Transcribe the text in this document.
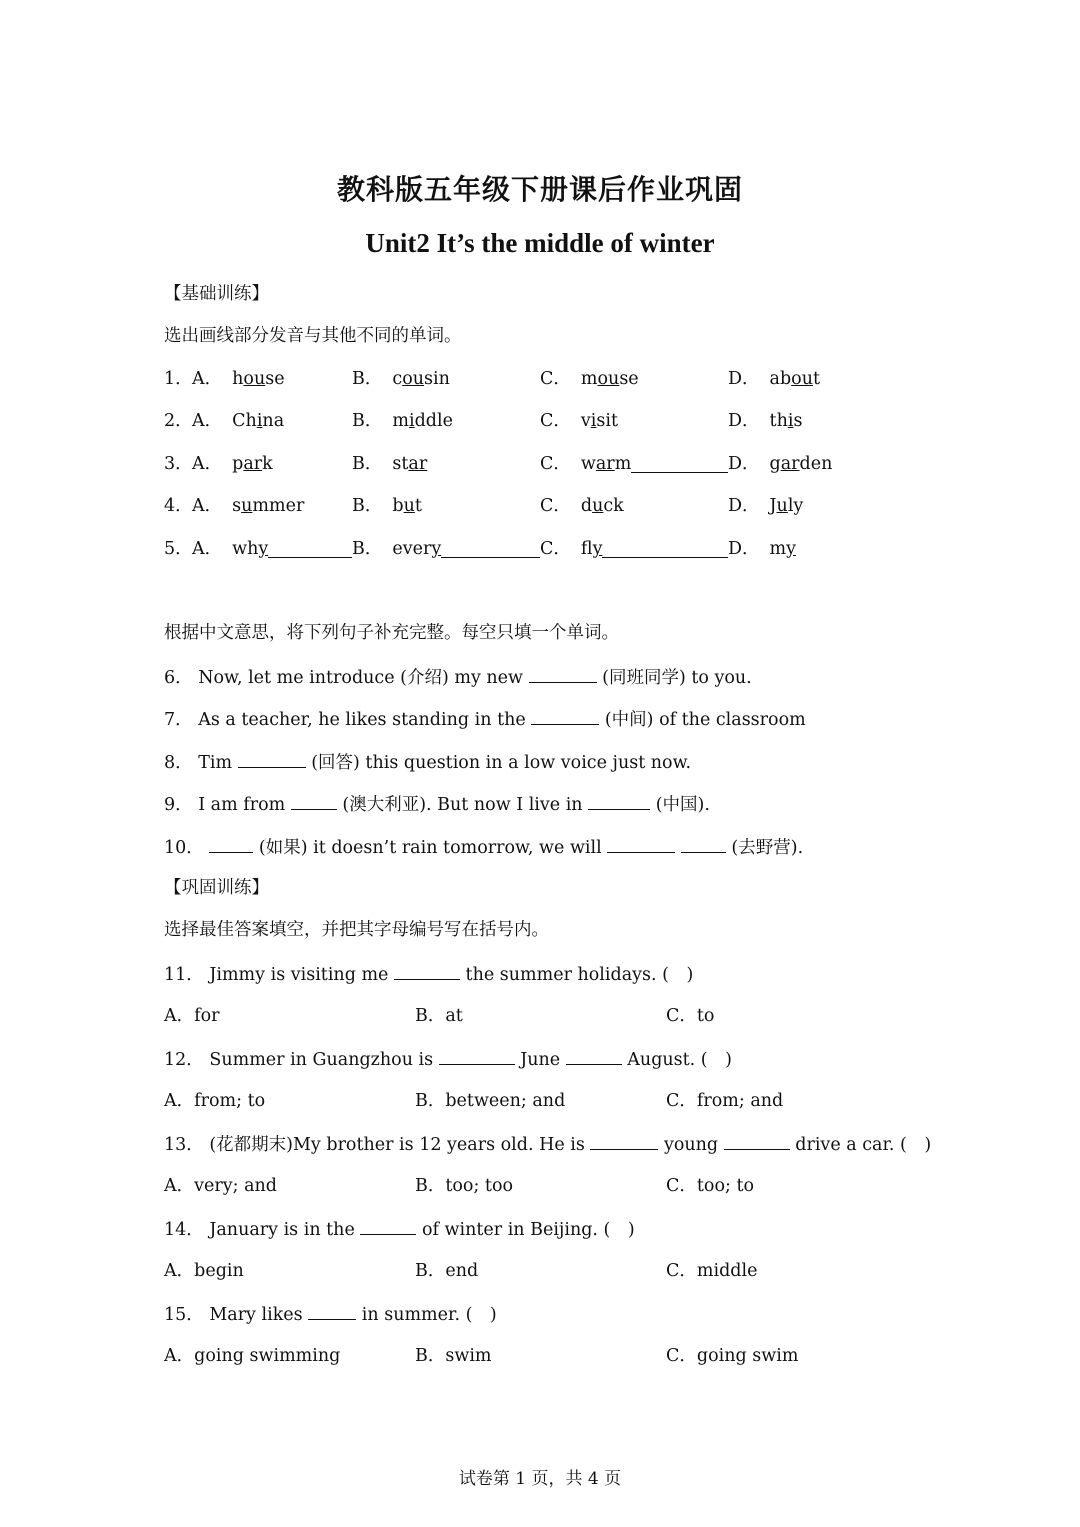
教科版五年级下册课后作业巩固
Unit2 It’s the middle of winter
【基础训练】
选出画线部分发音与其他不同的单词。
1． A． house	B． cousin	C． mouse	D． about
2． A． China	B． middle	C． visit	D． this
3． A． park	B． star	C． warm	D． garden
4． A． summer	B． but	C． duck	D． July
5． A． why	B． every	C． fly	D． my
根据中文意思，将下列句子补充完整。每空只填一个单词。
6． Now, let me introduce (介绍) my new	(同班同学) to you.
7． As a teacher, he likes standing in the	(中间) of the classroom
8． Tim	(回答) this question in a low voice just now.
9． I am from	(澳大利亚). But now I live in	(中国).
10．	(如果) it doesn’t rain tomorrow, we will	(去野营).
【巩固训练】
选择最佳答案填空，并把其字母编号写在括号内。
11． Jimmy is visiting me	the summer holidays. (　)
A．for	B．at	C．to
12． Summer in Guangzhou is	June	August. (　)
A．from; to	B．between; and	C．from; and
13． (花都期末)My brother is 12 years old. He is	young	drive a car. (　)
A．very; and	B．too; too	C．too; to
14． January is in the	of winter in Beijing. (　)
A．begin	B．end	C．middle
15． Mary likes	in summer. (　)
A．going swimming	B．swim	C．going swim
试卷第 1 页，共 4 页
